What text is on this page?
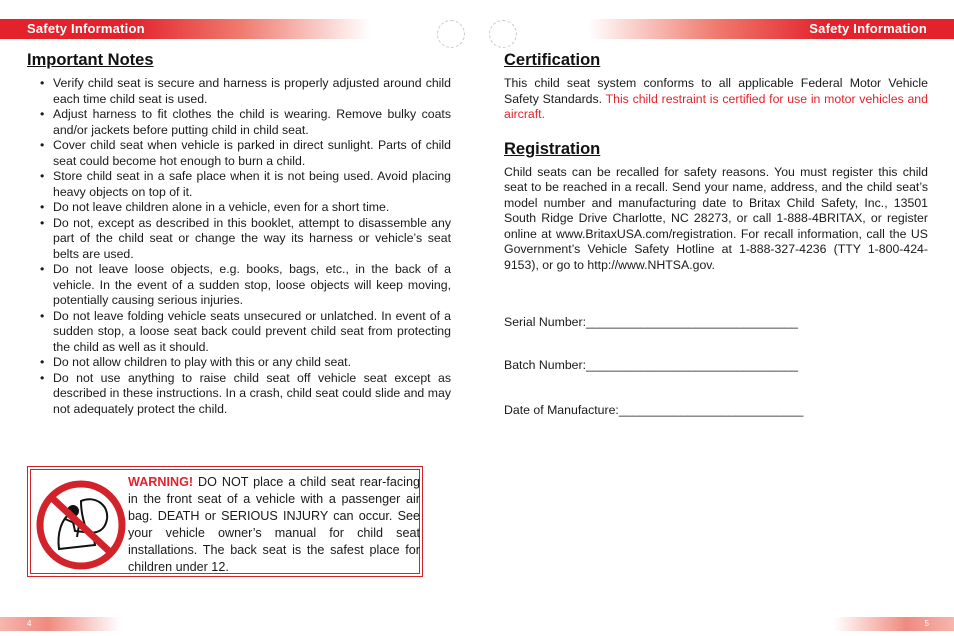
Safety Information	Safety Information
Important Notes
• Verify child seat is secure and harness is properly adjusted around child each time child seat is used.
• Adjust harness to fit clothes the child is wearing. Remove bulky coats and/or jackets before putting child in child seat.
• Cover child seat when vehicle is parked in direct sunlight. Parts of child seat could become hot enough to burn a child.
• Store child seat in a safe place when it is not being used. Avoid placing heavy objects on top of it.
• Do not leave children alone in a vehicle, even for a short time.
• Do not, except as described in this booklet, attempt to disassemble any part of the child seat or change the way its harness or vehicle’s seat belts are used.
• Do not leave loose objects, e.g. books, bags, etc., in the back of a vehicle. In the event of a sudden stop, loose objects will keep moving, potentially causing serious injuries.
• Do not leave folding vehicle seats unsecured or unlatched. In event of a sudden stop, a loose seat back could prevent child seat from protecting the child as well as it should.
• Do not allow children to play with this or any child seat.
• Do not use anything to raise child seat off vehicle seat except as described in these instructions. In a crash, child seat could slide and may not adequately protect the child.
WARNING! DO NOT place a child seat rear-facing in the front seat of a vehicle with a passenger air bag. DEATH or SERIOUS INJURY can occur. See your vehicle owner’s manual for child seat installations. The back seat is the safest place for children under 12.
Certification

This child seat system conforms to all applicable Federal Motor Vehicle Safety Standards. This child restraint is certified for use in motor vehicles and aircraft.

Registration

Child seats can be recalled for safety reasons. You must register this child seat to be reached in a recall. Send your name, address, and the child seat’s model number and manufacturing date to Britax Child Safety, Inc., 13501 South Ridge Drive Charlotte, NC 28273, or call 1-888-4BRITAX, or register online at www.BritaxUSA.com/registration. For recall information, call the US Government’s Vehicle Safety Hotline at 1-888-327-4236 (TTY 1-800-424-9153), or go to http://www.NHTSA.gov.

Serial Number:_______________________________
Batch Number:_______________________________
Date of Manufacture:___________________________
4	5
